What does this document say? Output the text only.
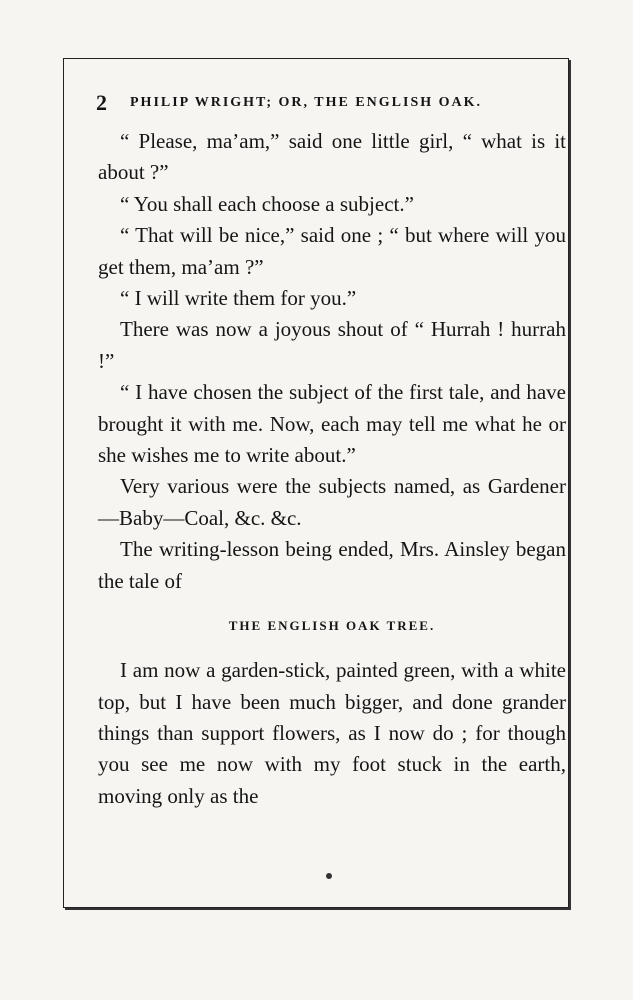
2 PHILIP WRIGHT; OR, THE ENGLISH OAK.

“ Please, ma’am,” said one little girl, “ what is it about ?”

“ You shall each choose a subject.”

“ That will be nice,” said one ; “ but where will you get them, ma’am ?”

“ I will write them for you.”

There was now a joyous shout of “ Hurrah ! hurrah !”

“ I have chosen the subject of the first tale, and have brought it with me. Now, each may tell me what he or she wishes me to write about.”

Very various were the subjects named, as Gardener—Baby—Coal, &c. &c.

The writing-lesson being ended, Mrs. Ainsley began the tale of

THE ENGLISH OAK TREE.

I am now a garden-stick, painted green, with a white top, but I have been much bigger, and done grander things than support flowers, as I now do ; for though you see me now with my foot stuck in the earth, moving only as the
